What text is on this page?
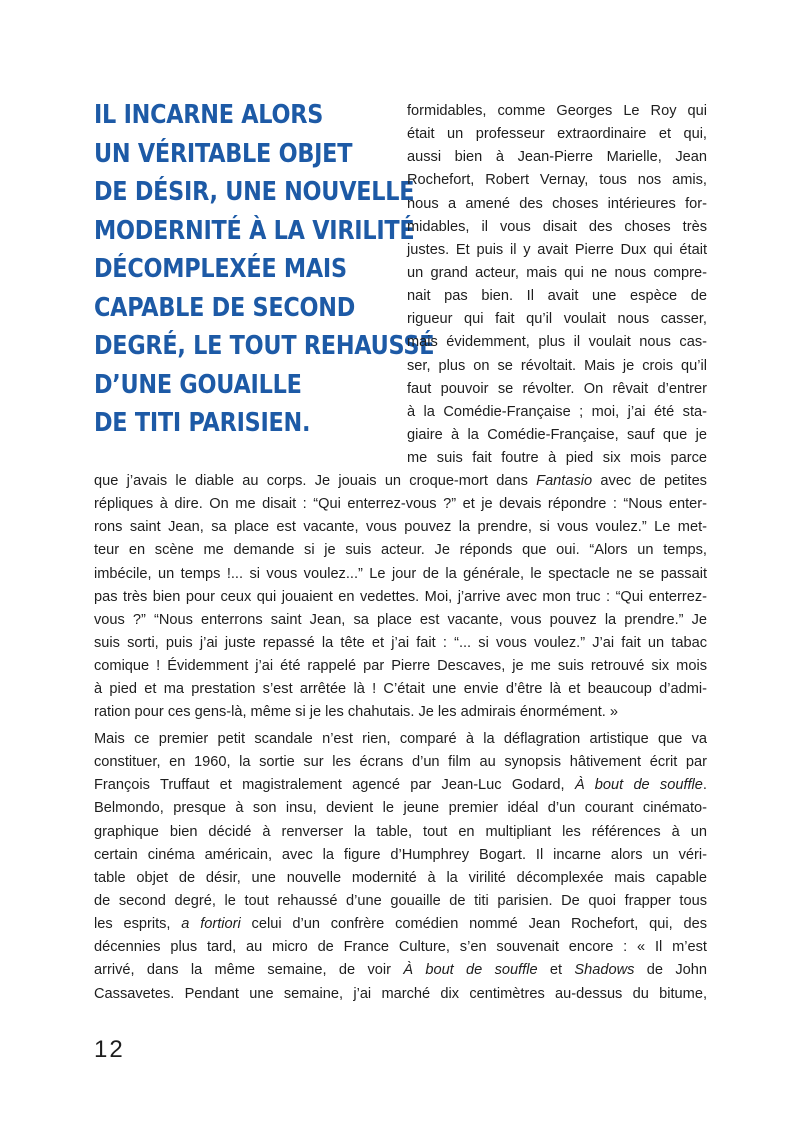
IL INCARNE ALORS
UN VÉRITABLE OBJET
DE DÉSIR, UNE NOUVELLE
MODERNITÉ À LA VIRILITÉ
DÉCOMPLEXÉE MAIS
CAPABLE DE SECOND
DEGRÉ, LE TOUT REHAUSSÉ
D’UNE GOUAILLE
DE TITI PARISIEN.
formidables, comme Georges Le Roy qui
était un professeur extraordinaire et qui,
aussi bien à Jean-Pierre Marielle, Jean
Rochefort, Robert Vernay, tous nos amis,
nous a amené des choses intérieures for-
midables, il vous disait des choses très
justes. Et puis il y avait Pierre Dux qui était
un grand acteur, mais qui ne nous compre-
nait pas bien. Il avait une espèce de
rigueur qui fait qu’il voulait nous casser,
mais évidemment, plus il voulait nous cas-
ser, plus on se révoltait. Mais je crois qu’il
faut pouvoir se révolter. On rêvait d’entrer
à la Comédie-Française ; moi, j’ai été sta-
giaire à la Comédie-Française, sauf que je
me suis fait foutre à pied six mois parce
que j’avais le diable au corps. Je jouais un croque-mort dans Fantasio avec de petites
répliques à dire. On me disait : “Qui enterrez-vous ?” et je devais répondre : “Nous enter-
rons saint Jean, sa place est vacante, vous pouvez la prendre, si vous voulez.” Le met-
teur en scène me demande si je suis acteur. Je réponds que oui. “Alors un temps,
imbécile, un temps !... si vous voulez...” Le jour de la générale, le spectacle ne se passait
pas très bien pour ceux qui jouaient en vedettes. Moi, j’arrive avec mon truc : “Qui enterrez-
vous ?” “Nous enterrons saint Jean, sa place est vacante, vous pouvez la prendre.” Je
suis sorti, puis j’ai juste repassé la tête et j’ai fait : “... si vous voulez.” J’ai fait un tabac
comique ! Évidemment j’ai été rappelé par Pierre Descaves, je me suis retrouvé six mois
à pied et ma prestation s’est arrêtée là ! C’était une envie d’être là et beaucoup d’admi-
ration pour ces gens-là, même si je les chahutais. Je les admirais énormément. »
Mais ce premier petit scandale n’est rien, comparé à la déflagration artistique que va
constituer, en 1960, la sortie sur les écrans d’un film au synopsis hâtivement écrit par
François Truffaut et magistralement agencé par Jean-Luc Godard, À bout de souffle.
Belmondo, presque à son insu, devient le jeune premier idéal d’un courant cinémato-
graphique bien décidé à renverser la table, tout en multipliant les références à un
certain cinéma américain, avec la figure d’Humphrey Bogart. Il incarne alors un véri-
table objet de désir, une nouvelle modernité à la virilité décomplexée mais capable
de second degré, le tout rehaussé d’une gouaille de titi parisien. De quoi frapper tous
les esprits, a fortiori celui d’un confrère comédien nommé Jean Rochefort, qui, des
décennies plus tard, au micro de France Culture, s’en souvenait encore : « Il m’est
arrivé, dans la même semaine, de voir À bout de souffle et Shadows de John
Cassavetes. Pendant une semaine, j’ai marché dix centimètres au-dessus du bitume,
12
